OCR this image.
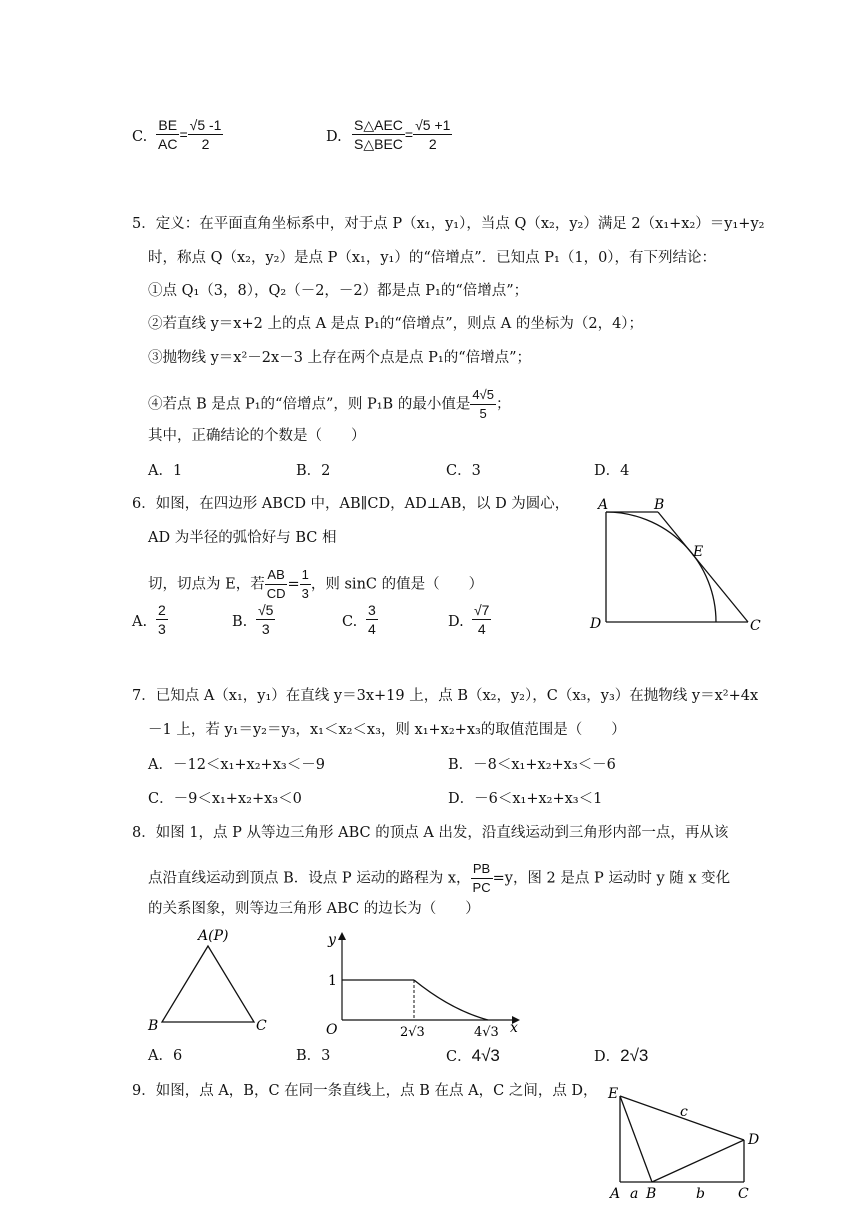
C. $\frac{BE}{AC} = \frac{√5 -1}{2}$	D. $\frac{\text{S△AEC}}{\text{S△BEC}} = \frac{√5 +1}{2}$
5．定义：在平面直角坐标系中，对于点 P（x₁，y₁），当点 Q（x₂，y₂）满足 2（x₁+x₂）＝y₁+y₂
时，称点 Q（x₂，y₂）是点 P（x₁，y₁）的“倍增点”．已知点 P₁（1，0），有下列结论：
①点 Q₁（3，8），Q₂（－2，－2）都是点 P₁的“倍增点”；
②若直线 y＝x+2 上的点 A 是点 P₁的“倍增点”，则点 A 的坐标为（2，4）；
③抛物线 y＝x²－2x－3 上存在两个点是点 P₁的“倍增点”；
④若点 B 是点 P₁的“倍增点”，则 P₁B 的最小值是 $\frac{4√5}{5}$ ；
其中，正确结论的个数是（　　）
A．1	B．2	C．3	D．4
6．如图，在四边形 ABCD 中，AB∥CD，AD⊥AB，以 D 为圆心，
AD 为半径的弧恰好与 BC 相
切，切点为 E，若 $\frac{AB}{CD} = \frac{1}{3}$ ，则 sinC 的值是（　　）
A. $\frac{2}{3}$	B. $\frac{√5}{3}$	C. $\frac{3}{4}$	D. $\frac{√7}{4}$
A	B
E
D	C
7．已知点 A（x₁，y₁）在直线 y＝3x+19 上，点 B（x₂，y₂），C（x₃，y₃）在抛物线 y＝x²+4x
－1 上，若 y₁＝y₂＝y₃，x₁＜x₂＜x₃，则 x₁+x₂+x₃的取值范围是（　　）
A．－12＜x₁+x₂+x₃＜－9	B．－8＜x₁+x₂+x₃＜－6
C．－9＜x₁+x₂+x₃＜0	D．－6＜x₁+x₂+x₃＜1
8．如图 1，点 P 从等边三角形 ABC 的顶点 A 出发，沿直线运动到三角形内部一点，再从该
点沿直线运动到顶点 B．设点 P 运动的路程为 x， $\frac{PB}{PC} =y$，图 2 是点 P 运动时 y 随 x 变化
的关系图象，则等边三角形 ABC 的边长为（　　）
A(P)
B	C
y
x
O
1
2√3	4√3
A．6	B．3	C．4√3	D．2√3
9．如图，点 A，B，C 在同一条直线上，点 B 在点 A，C 之间，点 D， E
c
D
A a B	b C
